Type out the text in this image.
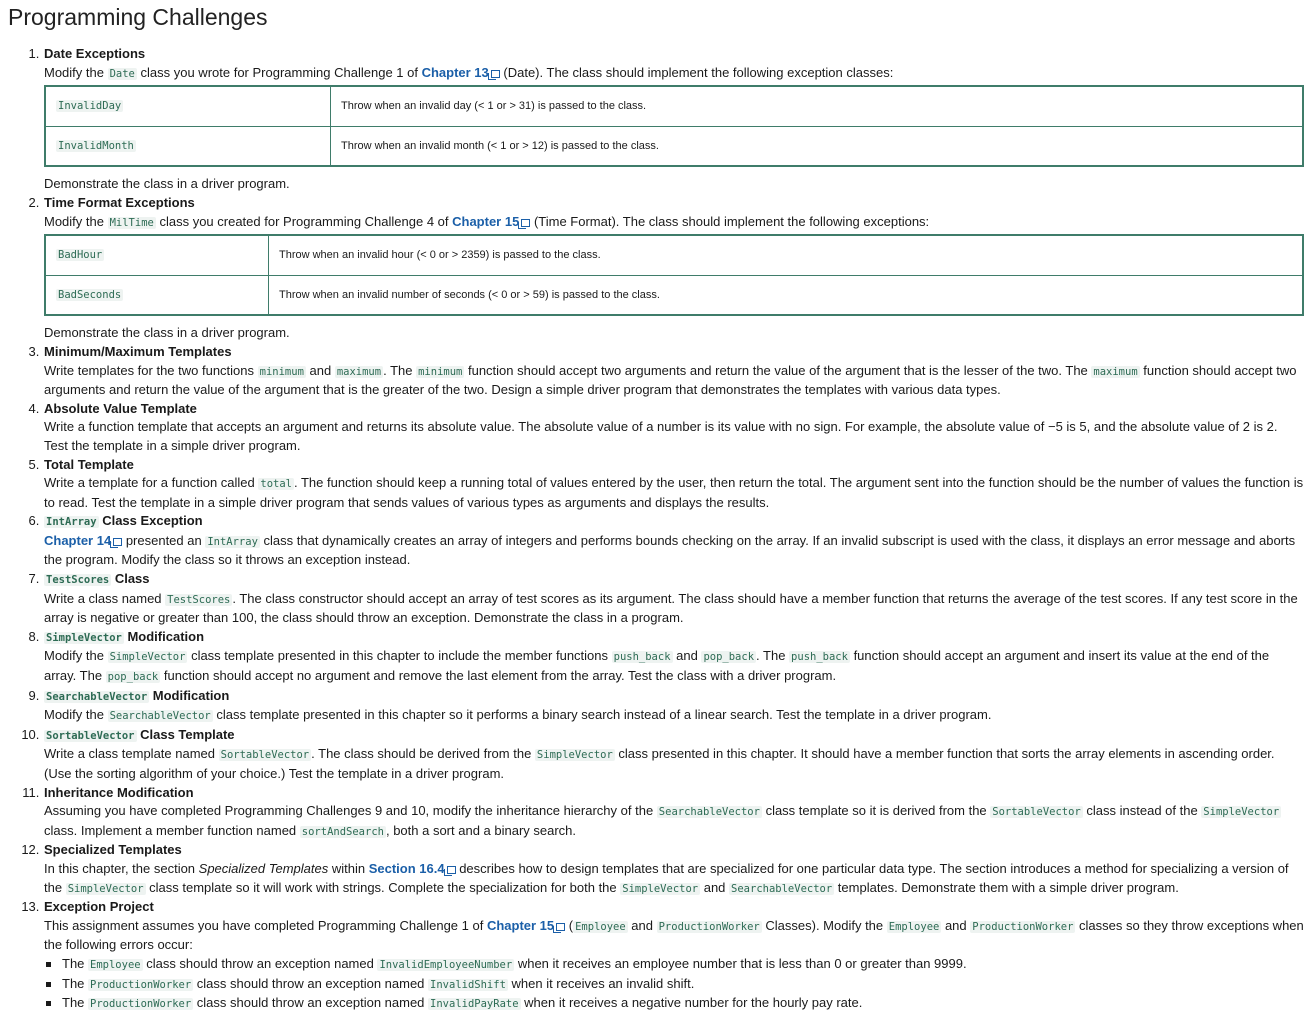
Programming Challenges
1. Date Exceptions
Modify the Date class you wrote for Programming Challenge 1 of Chapter 13 (Date). The class should implement the following exception classes:
InvalidDay	Throw when an invalid day (< 1 or > 31) is passed to the class.
InvalidMonth	Throw when an invalid month (< 1 or > 12) is passed to the class.
Demonstrate the class in a driver program.
2. Time Format Exceptions
Modify the MilTime class you created for Programming Challenge 4 of Chapter 15 (Time Format). The class should implement the following exceptions:
BadHour	Throw when an invalid hour (< 0 or > 2359) is passed to the class.
BadSeconds	Throw when an invalid number of seconds (< 0 or > 59) is passed to the class.
Demonstrate the class in a driver program.
3. Minimum/Maximum Templates
Write templates for the two functions minimum and maximum . The minimum function should accept two arguments and return the value of the argument that is the lesser of the two. The maximum function should accept two arguments and return the value of the argument that is the greater of the two. Design a simple driver program that demonstrates the templates with various data types.
4. Absolute Value Template
Write a function template that accepts an argument and returns its absolute value. The absolute value of a number is its value with no sign. For example, the absolute value of −5 is 5, and the absolute value of 2 is 2. Test the template in a simple driver program.
5. Total Template
Write a template for a function called total . The function should keep a running total of values entered by the user, then return the total. The argument sent into the function should be the number of values the function is to read. Test the template in a simple driver program that sends values of various types as arguments and displays the results.
6. IntArray Class Exception
Chapter 14 presented an IntArray class that dynamically creates an array of integers and performs bounds checking on the array. If an invalid subscript is used with the class, it displays an error message and aborts the program. Modify the class so it throws an exception instead.
7. TestScores Class
Write a class named TestScores . The class constructor should accept an array of test scores as its argument. The class should have a member function that returns the average of the test scores. If any test score in the array is negative or greater than 100, the class should throw an exception. Demonstrate the class in a program.
8. SimpleVector Modification
Modify the SimpleVector class template presented in this chapter to include the member functions push_back and pop_back . The push_back function should accept an argument and insert its value at the end of the array. The pop_back function should accept no argument and remove the last element from the array. Test the class with a driver program.
9. SearchableVector Modification
Modify the SearchableVector class template presented in this chapter so it performs a binary search instead of a linear search. Test the template in a driver program.
10. SortableVector Class Template
Write a class template named SortableVector . The class should be derived from the SimpleVector class presented in this chapter. It should have a member function that sorts the array elements in ascending order. (Use the sorting algorithm of your choice.) Test the template in a driver program.
11. Inheritance Modification
Assuming you have completed Programming Challenges 9 and 10, modify the inheritance hierarchy of the SearchableVector class template so it is derived from the SortableVector class instead of the SimpleVector class. Implement a member function named sortAndSearch , both a sort and a binary search.
12. Specialized Templates
In this chapter, the section Specialized Templates within Section 16.4 describes how to design templates that are specialized for one particular data type. The section introduces a method for specializing a version of the SimpleVector class template so it will work with strings. Complete the specialization for both the SimpleVector and SearchableVector templates. Demonstrate them with a simple driver program.
13. Exception Project
This assignment assumes you have completed Programming Challenge 1 of Chapter 15 ( Employee and ProductionWorker Classes). Modify the Employee and ProductionWorker classes so they throw exceptions when the following errors occur:
The Employee class should throw an exception named InvalidEmployeeNumber when it receives an employee number that is less than 0 or greater than 9999.
The ProductionWorker class should throw an exception named InvalidShift when it receives an invalid shift.
The ProductionWorker class should throw an exception named InvalidPayRate when it receives a negative number for the hourly pay rate.
